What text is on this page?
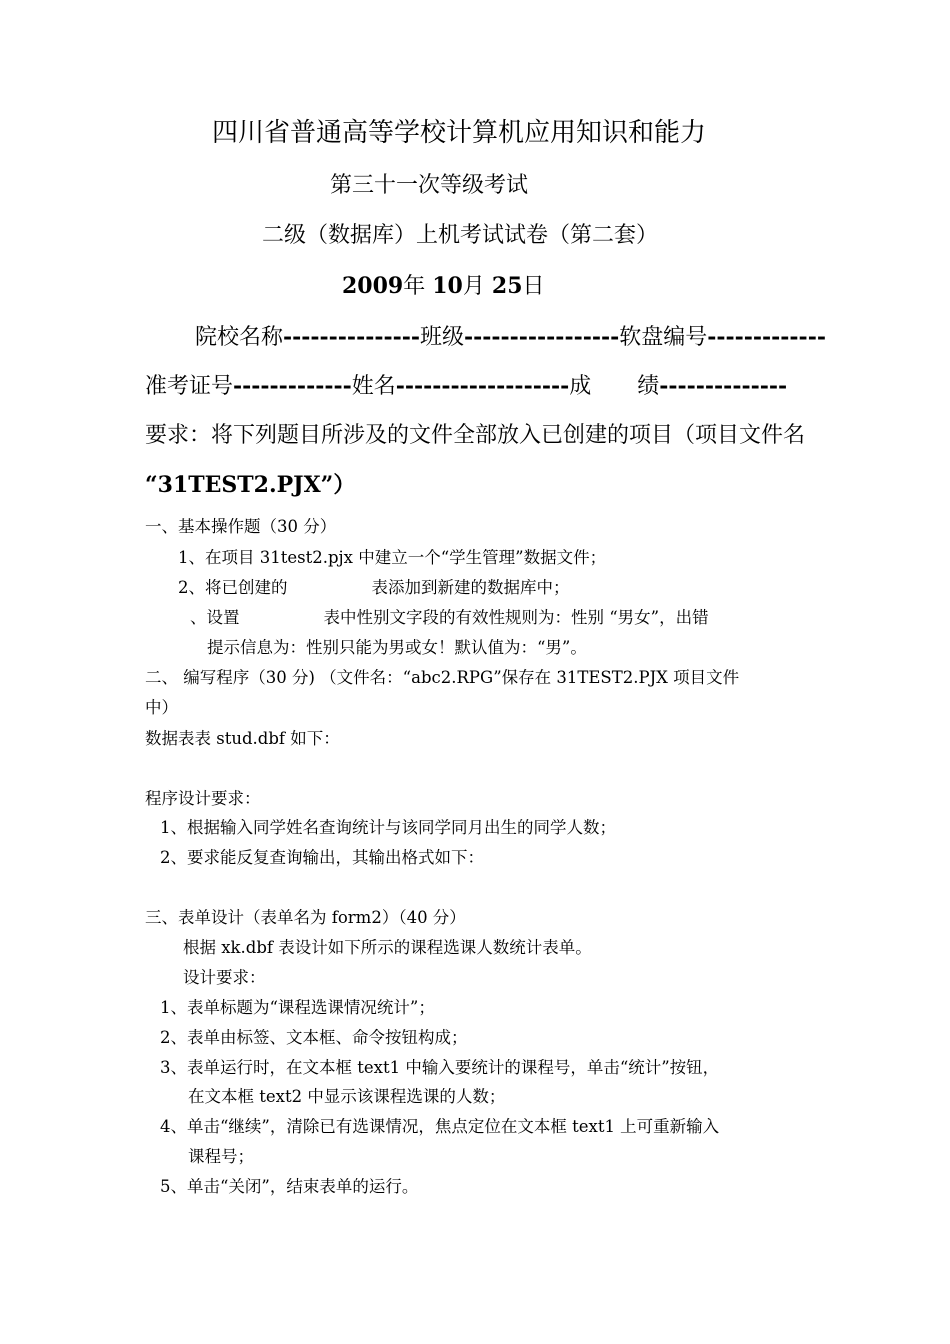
四川省普通高等学校计算机应用知识和能力
第三十一次等级考试
二级（数据库）上机考试试卷（第二套）
2009年 10月 25日
院校名称---------------班级-----------------软盘编号-------------
准考证号-------------姓名-------------------成 绩--------------
要求：将下列题目所涉及的文件全部放入已创建的项目（项目文件名
“31TEST2.PJX”）
一、基本操作题（30 分）
1、在项目 31test2.pjx 中建立一个“学生管理”数据文件；
2、将已创建的	表添加到新建的数据库中；
、设置	表中性别文字段的有效性规则为：性别 “男女”，出错
提示信息为：性别只能为男或女！默认值为：“男”。
二、 编写程序（30 分) （文件名：“abc2.RPG”保存在 31TEST2.PJX 项目文件
中）
数据表表 stud.dbf 如下：
程序设计要求：
1、根据输入同学姓名查询统计与该同学同月出生的同学人数；
2、要求能反复查询输出，其输出格式如下：
三、表单设计（表单名为 form2）（40 分）
根据 xk.dbf 表设计如下所示的课程选课人数统计表单。
设计要求：
1、表单标题为“课程选课情况统计”；
2、表单由标签、文本框、命令按钮构成；
3、表单运行时，在文本框 text1 中输入要统计的课程号，单击“统计”按钮，
在文本框 text2 中显示该课程选课的人数；
4、单击“继续”，清除已有选课情况，焦点定位在文本框 text1 上可重新输入
课程号；
5、单击“关闭”，结束表单的运行。
